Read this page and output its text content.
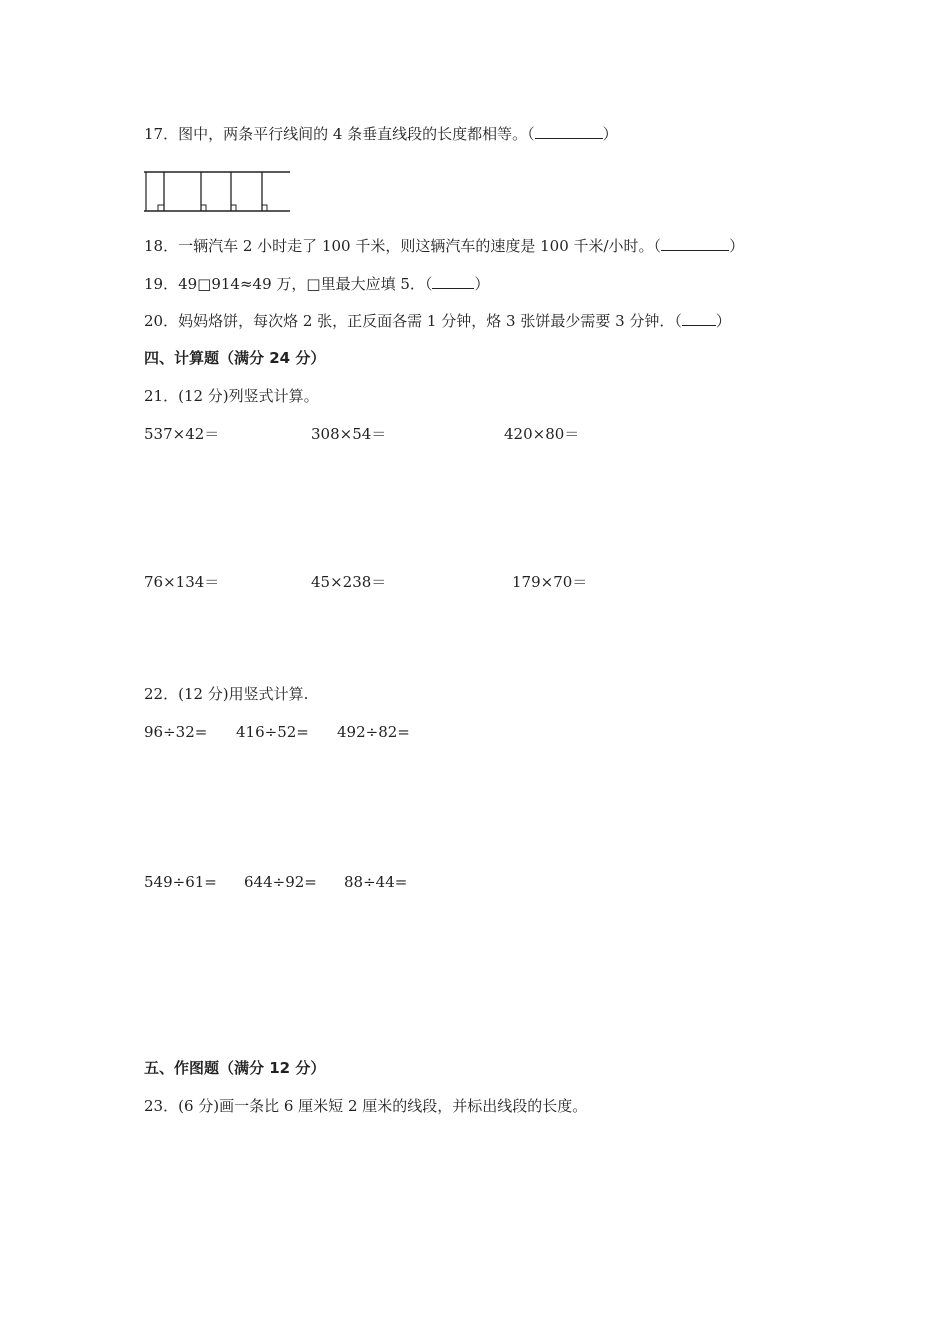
17．图中，两条平行线间的 4 条垂直线段的长度都相等。（	）
18．一辆汽车 2 小时走了 100 千米，则这辆汽车的速度是 100 千米/小时。（	）
19．49□914≈49 万，□里最大应填 5．（	）
20．妈妈烙饼，每次烙 2 张，正反面各需 1 分钟，烙 3 张饼最少需要 3 分钟．（ ）
四、计算题（满分 24 分）
21．(12 分)列竖式计算。
537×42＝	308×54＝	420×80＝
76×134＝	45×238＝	179×70＝
22．(12 分)用竖式计算.
96÷32= 416÷52= 492÷82=
549÷61= 644÷92= 88÷44=
五、作图题（满分 12 分）
23．(6 分)画一条比 6 厘米短 2 厘米的线段，并标出线段的长度。
